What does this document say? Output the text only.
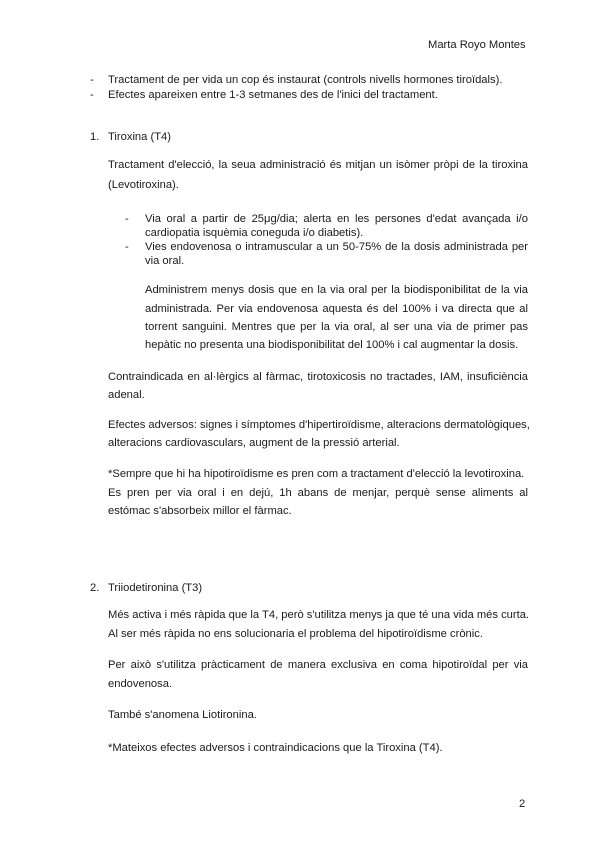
Marta Royo Montes
- Tractament de per vida un cop és instaurat (controls nivells hormones tiroïdals).
- Efectes apareixen entre 1-3 setmanes des de l'inici del tractament.
1. Tiroxina (T4)
Tractament d'elecció, la seua administració és mitjan un isòmer pròpi de la tiroxina
(Levotiroxina).
- Via oral a partir de 25μg/dia; alerta en les persones d'edat avançada i/o
cardiopatia isquèmia coneguda i/o diabetis).
- Vies endovenosa o intramuscular a un 50-75% de la dosis administrada per
via oral.
Administrem menys dosis que en la via oral per la biodisponibilitat de la via
administrada. Per via endovenosa aquesta és del 100% i va directa que al
torrent sanguini. Mentres que per la via oral, al ser una via de primer pas
hepàtic no presenta una biodisponibilitat del 100% i cal augmentar la dosis.
Contraindicada en al·lèrgics al fàrmac, tirotoxicosis no tractades, IAM, insuficiència
adenal.
Efectes adversos: signes i símptomes d'hipertiroïdisme, alteracions dermatològiques,
alteracions cardiovasculars, augment de la pressió arterial.
*Sempre que hi ha hipotiroïdisme es pren com a tractament d'elecció la levotiroxina.
Es pren per via oral i en dejú, 1h abans de menjar, perquè sense aliments al
estómac s'absorbeix millor el fàrmac.
2. Triiodetironina (T3)
Més activa i més ràpida que la T4, però s'utilitza menys ja que té una vida més curta.
Al ser més ràpida no ens solucionaria el problema del hipotiroïdisme crònic.
Per això s'utilitza pràcticament de manera exclusiva en coma hipotiroïdal per via
endovenosa.
També s'anomena Liotironina.
*Mateixos efectes adversos i contraindicacions que la Tiroxina (T4).
2
